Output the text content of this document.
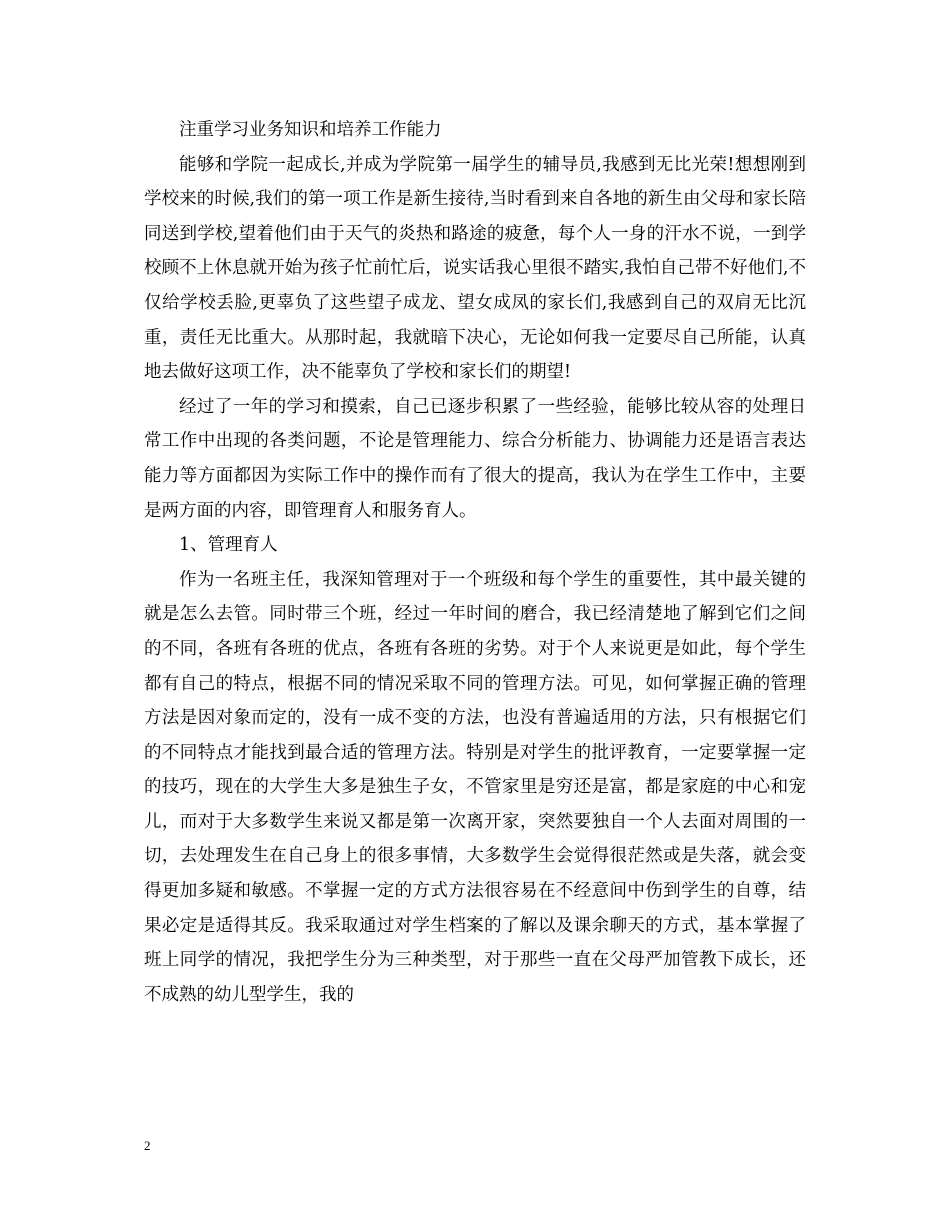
注重学习业务知识和培养工作能力

能够和学院一起成长,并成为学院第一届学生的辅导员,我感到无比光荣!想想刚到学校来的时候,我们的第一项工作是新生接待,当时看到来自各地的新生由父母和家长陪同送到学校,望着他们由于天气的炎热和路途的疲惫，每个人一身的汗水不说，一到学校顾不上休息就开始为孩子忙前忙后，说实话我心里很不踏实,我怕自己带不好他们,不仅给学校丢脸,更辜负了这些望子成龙、望女成凤的家长们,我感到自己的双肩无比沉重，责任无比重大。从那时起，我就暗下决心，无论如何我一定要尽自己所能，认真地去做好这项工作，决不能辜负了学校和家长们的期望!

经过了一年的学习和摸索，自己已逐步积累了一些经验，能够比较从容的处理日常工作中出现的各类问题，不论是管理能力、综合分析能力、协调能力还是语言表达能力等方面都因为实际工作中的操作而有了很大的提高，我认为在学生工作中，主要是两方面的内容，即管理育人和服务育人。

1、管理育人

作为一名班主任，我深知管理对于一个班级和每个学生的重要性，其中最关键的就是怎么去管。同时带三个班，经过一年时间的磨合，我已经清楚地了解到它们之间的不同，各班有各班的优点，各班有各班的劣势。对于个人来说更是如此，每个学生都有自己的特点，根据不同的情况采取不同的管理方法。可见，如何掌握正确的管理方法是因对象而定的，没有一成不变的方法，也没有普遍适用的方法，只有根据它们的不同特点才能找到最合适的管理方法。特别是对学生的批评教育，一定要掌握一定的技巧，现在的大学生大多是独生子女，不管家里是穷还是富，都是家庭的中心和宠儿，而对于大多数学生来说又都是第一次离开家，突然要独自一个人去面对周围的一切，去处理发生在自己身上的很多事情，大多数学生会觉得很茫然或是失落，就会变得更加多疑和敏感。不掌握一定的方式方法很容易在不经意间中伤到学生的自尊，结果必定是适得其反。我采取通过对学生档案的了解以及课余聊天的方式，基本掌握了班上同学的情况，我把学生分为三种类型，对于那些一直在父母严加管教下成长，还不成熟的幼儿型学生，我的

2
